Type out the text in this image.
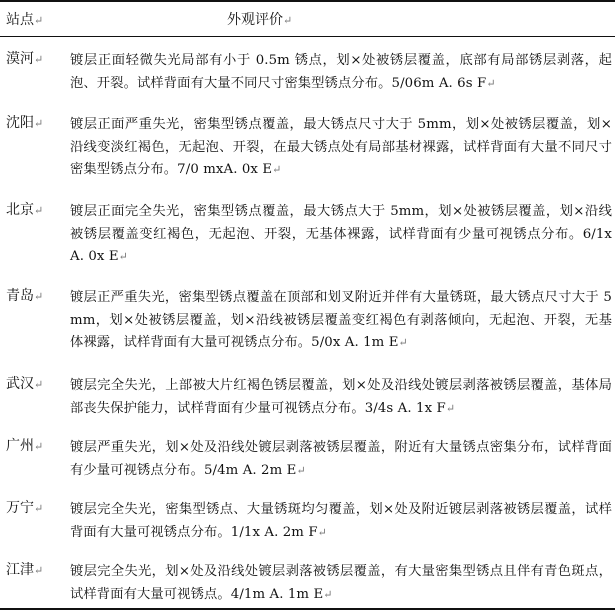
站点↵	外观评价↵
漠河↵ 镀层正面轻微失光局部有小于 0.5m 锈点，划×处被锈层覆盖，底部有局部锈层剥落，起泡、开裂。试样背面有大量不同尺寸密集型锈点分布。5/06m A. 6s F↵
沈阳↵ 镀层正面严重失光，密集型锈点覆盖，最大锈点尺寸大于 5mm，划×处被锈层覆盖，划×沿线变淡红褐色，无起泡、开裂，在最大锈点处有局部基材裸露，试样背面有大量不同尺寸密集型锈点分布。7/0 mxA. 0x E↵
北京↵ 镀层正面完全失光，密集型锈点覆盖，最大锈点大于 5mm，划×处被锈层覆盖，划×沿线被锈层覆盖变红褐色，无起泡、开裂，无基体裸露，试样背面有少量可视锈点分布。6/1x A. 0x E↵
青岛↵ 镀层正严重失光，密集型锈点覆盖在顶部和划叉附近并伴有大量锈斑，最大锈点尺寸大于 5mm，划×处被锈层覆盖，划×沿线被锈层覆盖变红褐色有剥落倾向，无起泡、开裂，无基体裸露，试样背面有大量可视锈点分布。5/0x A. 1m E↵
武汉↵ 镀层完全失光，上部被大片红褐色锈层覆盖，划×处及沿线处镀层剥落被锈层覆盖，基体局部丧失保护能力，试样背面有少量可视锈点分布。3/4s A. 1x F↵
广州↵ 镀层严重失光，划×处及沿线处镀层剥落被锈层覆盖，附近有大量锈点密集分布，试样背面有少量可视锈点分布。5/4m A. 2m E↵
万宁↵ 镀层完全失光，密集型锈点、大量锈斑均匀覆盖，划×处及附近镀层剥落被锈层覆盖，试样背面有大量可视锈点分布。1/1x A. 2m F↵
江津↵ 镀层完全失光，划×处及沿线处镀层剥落被锈层覆盖，有大量密集型锈点且伴有青色斑点，试样背面有大量可视锈点。4/1m A. 1m E↵
